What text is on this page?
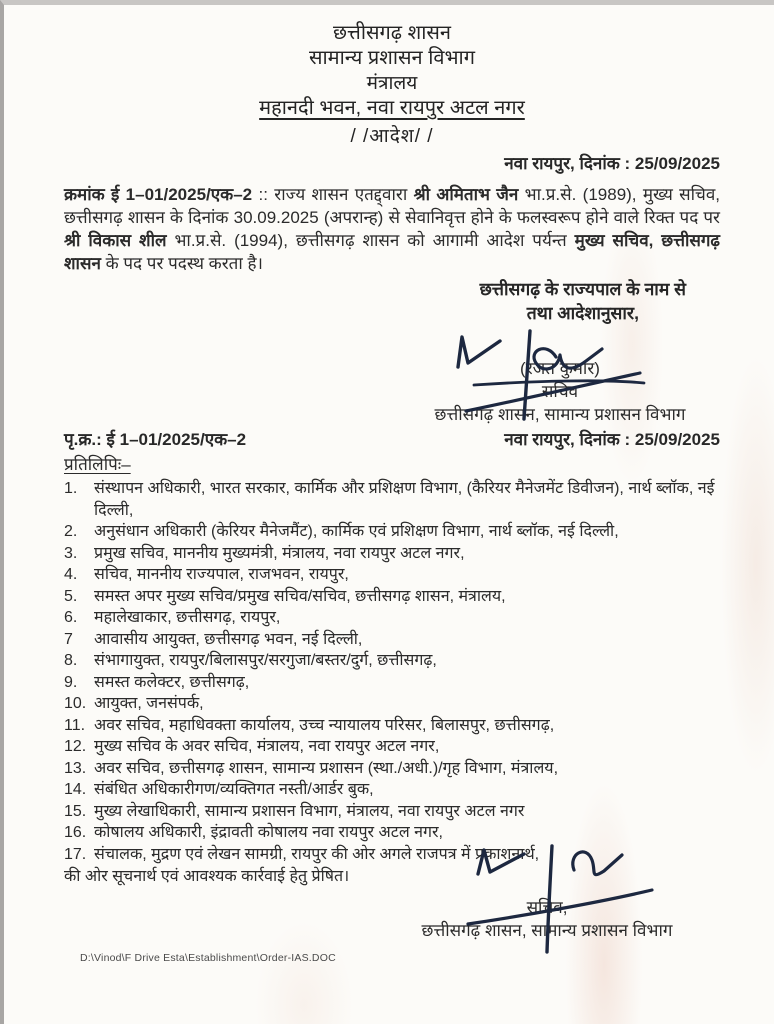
छत्तीसगढ़ शासन
सामान्य प्रशासन विभाग
मंत्रालय
महानदी भवन, नवा रायपुर अटल नगर
/ /आदेश/ /
नवा रायपुर, दिनांक : 25/09/2025

क्रमांक ई 1–01/2025/एक–2 :: राज्य शासन एतद्द्वारा श्री अमिताभ जैन भा.प्र.से. (1989), मुख्य सचिव, छत्तीसगढ़ शासन के दिनांक 30.09.2025 (अपरान्ह) से सेवानिवृत्त होने के फलस्वरूप होने वाले रिक्त पद पर श्री विकास शील भा.प्र.से. (1994), छत्तीसगढ़ शासन को आगामी आदेश पर्यन्त मुख्य सचिव, छत्तीसगढ़ शासन के पद पर पदस्थ करता है।

छत्तीसगढ़ के राज्यपाल के नाम से
तथा आदेशानुसार,
(रजत कुमार)
सचिव
छत्तीसगढ़ शासन, सामान्य प्रशासन विभाग
पृ.क्र.: ई 1–01/2025/एक–2	नवा रायपुर, दिनांक : 25/09/2025
प्रतिलिपिः–
1.	संस्थापन अधिकारी, भारत सरकार, कार्मिक और प्रशिक्षण विभाग, (कैरियर मैनेजमेंट डिवीजन), नार्थ ब्लॉक, नई दिल्ली,
2.	अनुसंधान अधिकारी (केरियर मैनेजमैंट), कार्मिक एवं प्रशिक्षण विभाग, नार्थ ब्लॉक, नई दिल्ली,
3.	प्रमुख सचिव, माननीय मुख्यमंत्री, मंत्रालय, नवा रायपुर अटल नगर,
4.	सचिव, माननीय राज्यपाल, राजभवन, रायपुर,
5.	समस्त अपर मुख्य सचिव/प्रमुख सचिव/सचिव, छत्तीसगढ़ शासन, मंत्रालय,
6.	महालेखाकार, छत्तीसगढ़, रायपुर,
7	आवासीय आयुक्त, छत्तीसगढ़ भवन, नई दिल्ली,
8.	संभागायुक्त, रायपुर/बिलासपुर/सरगुजा/बस्तर/दुर्ग, छत्तीसगढ़,
9.	समस्त कलेक्टर, छत्तीसगढ़,
10. आयुक्त, जनसंपर्क,
11. अवर सचिव, महाधिवक्ता कार्यालय, उच्च न्यायालय परिसर, बिलासपुर, छत्तीसगढ़,
12. मुख्य सचिव के अवर सचिव, मंत्रालय, नवा रायपुर अटल नगर,
13. अवर सचिव, छत्तीसगढ़ शासन, सामान्य प्रशासन (स्था./अधी.)/गृह विभाग, मंत्रालय,
14. संबंधित अधिकारीगण/व्यक्तिगत नस्ती/आर्डर बुक,
15. मुख्य लेखाधिकारी, सामान्य प्रशासन विभाग, मंत्रालय, नवा रायपुर अटल नगर
16. कोषालय अधिकारी, इंद्रावती कोषालय नवा रायपुर अटल नगर,
17. संचालक, मुद्रण एवं लेखन सामग्री, रायपुर की ओर अगले राजपत्र में प्रकाशनार्थ,
की ओर सूचनार्थ एवं आवश्यक कार्रवाई हेतु प्रेषित।
सचिव,
छत्तीसगढ़ शासन, सामान्य प्रशासन विभाग
D:\Vinod\F Drive Esta\Establishment\Order-IAS.DOC
